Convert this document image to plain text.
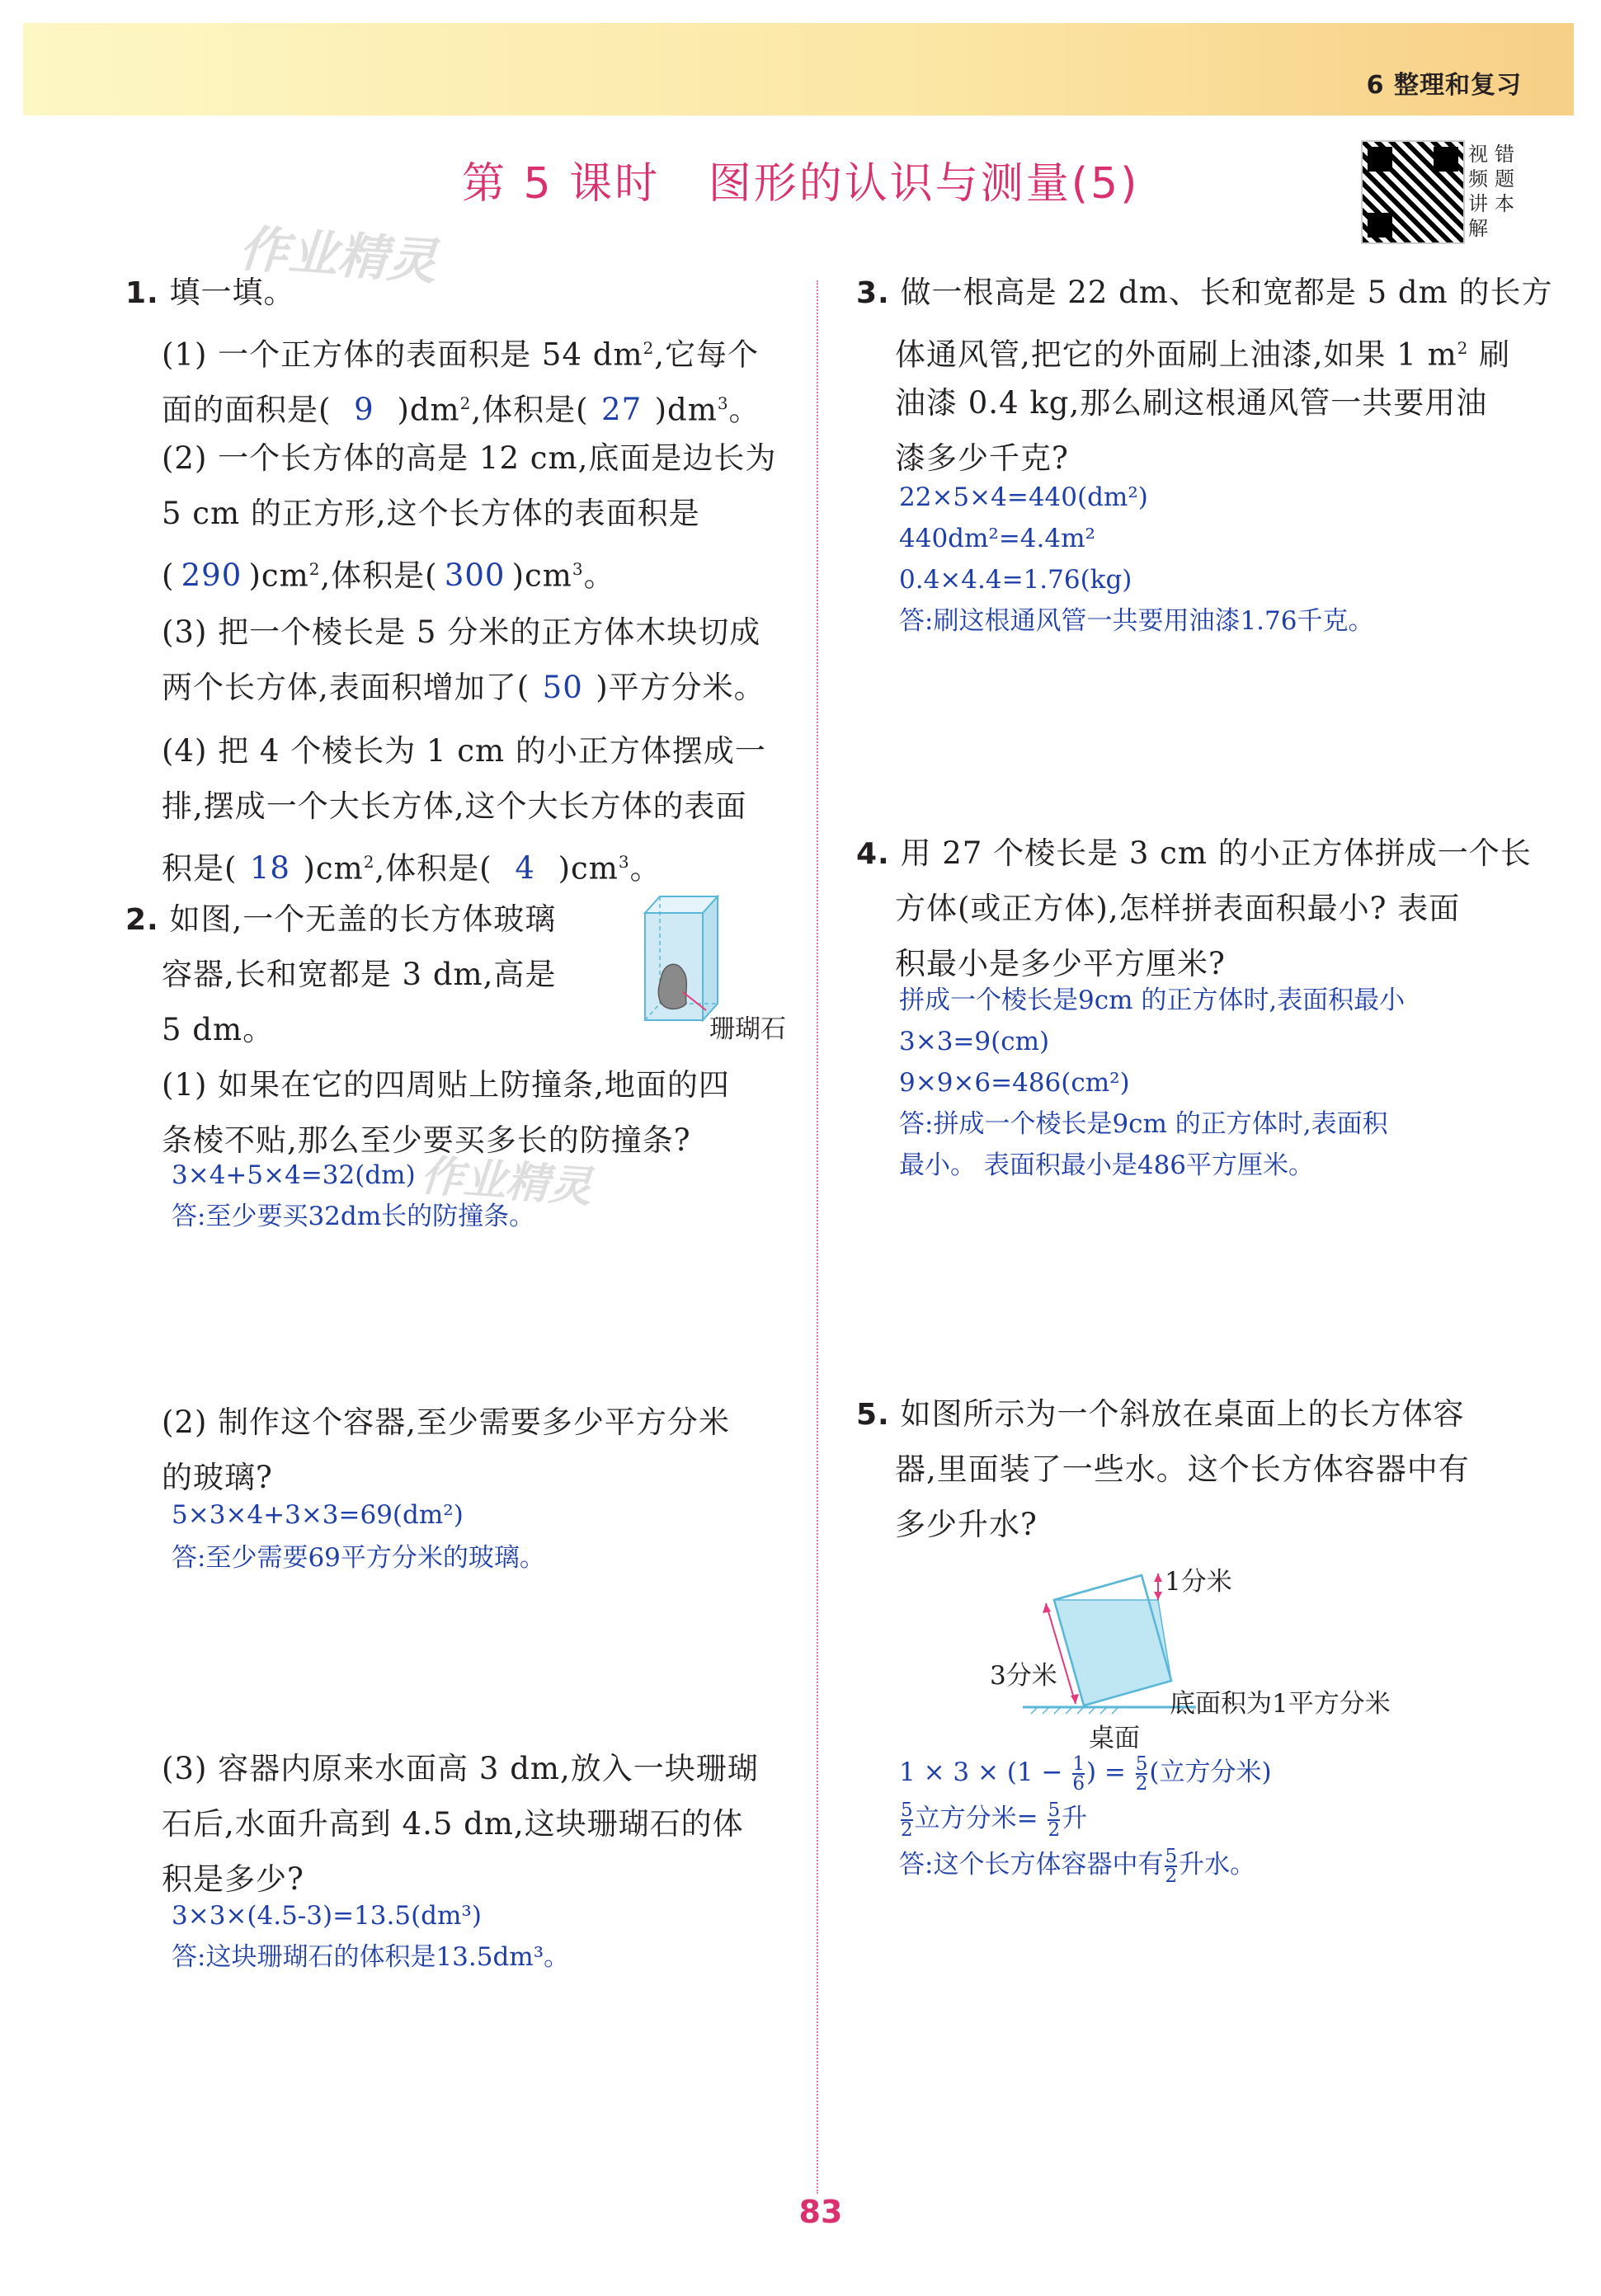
6 整理和复习
第 5 课时 图形的认识与测量(5)
视频讲解
错题本
作业精灵
作业精灵
1. 填一填。
(1) 一个正方体的表面积是 54 $dm^2$,它每个
面的面积是( 9 )$dm^2$,体积是( 27 )$dm^3$。
(2) 一个长方体的高是 12 cm,底面是边长为
5 cm 的正方形,这个长方体的表面积是
( 290 )$cm^2$,体积是( 300 )$cm^3$。
(3) 把一个棱长是 5 分米的正方体木块切成
两个长方体,表面积增加了( 50 )平方分米。
(4) 把 4 个棱长为 1 cm 的小正方体摆成一
排,摆成一个大长方体,这个大长方体的表面
积是( 18 )$cm^2$,体积是( 4 )$cm^3$。
2. 如图,一个无盖的长方体玻璃
容器,长和宽都是 3 dm,高是
5 dm。	珊瑚石
(1) 如果在它的四周贴上防撞条,地面的四
条棱不贴,那么至少要买多长的防撞条?
3×4+5×4=32(dm)
答:至少要买32dm长的防撞条。
(2) 制作这个容器,至少需要多少平方分米
的玻璃?
5×3×4+3×3=69(dm²)
答:至少需要69平方分米的玻璃。
(3) 容器内原来水面高 3 dm,放入一块珊瑚
石后,水面升高到 4.5 dm,这块珊瑚石的体
积是多少?
3×3×(4.5-3)=13.5(dm³)
答:这块珊瑚石的体积是13.5dm³。
3. 做一根高是 22 dm、长和宽都是 5 dm 的长方
体通风管,把它的外面刷上油漆,如果 1 $m^2$ 刷
油漆 0.4 kg,那么刷这根通风管一共要用油
漆多少千克?
22×5×4=440(dm²)
440dm²=4.4m²
0.4×4.4=1.76(kg)
答:刷这根通风管一共要用油漆1.76千克。
4. 用 27 个棱长是 3 cm 的小正方体拼成一个长
方体(或正方体),怎样拼表面积最小? 表面
积最小是多少平方厘米?
拼成一个棱长是9cm 的正方体时,表面积最小
3×3=9(cm)
9×9×6=486(cm²)
答:拼成一个棱长是9cm 的正方体时,表面积
最小。 表面积最小是486平方厘米。
5. 如图所示为一个斜放在桌面上的长方体容
器,里面装了一些水。这个长方体容器中有
多少升水?
1分米
3分米
底面积为1平方分米
桌面
$1 \times 3 \times (1 - \frac{1}{6}$ ) = $\frac{5}{2}$ (立方分米)
$\frac{5}{2}$ 立方分米= $\frac{5}{2}$ 升
答:这个长方体容器中有 $\frac{5}{2}$ 升水。
83
